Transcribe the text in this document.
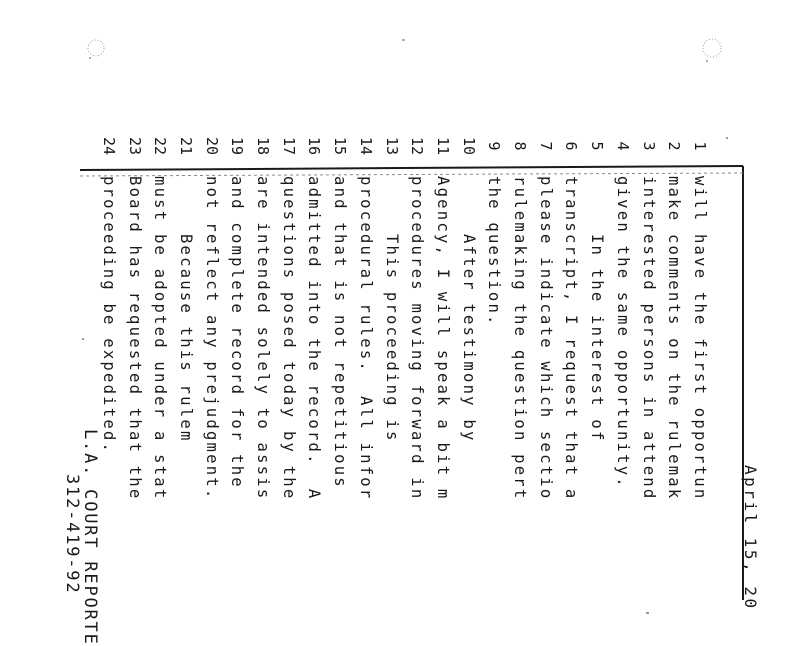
April 15, 20
1
2
3
4
5
6
7
8
9
10
11
12
13
14
15
16
17
18
19
20
21
22
23
24
will have the first opportun
make comments on the rulemak
interested persons in attend
given the same opportunity.
In the interest of
transcript, I request that a
please indicate which sectio
rulemaking the question pert
the question.
After testimony by
Agency, I will speak a bit m
procedures moving forward in
This proceeding is
procedural rules.  All infor
and that is not repetitious
admitted into the record.  A
questions posed today by the
are intended solely to assis
and complete record for the
not reflect any prejudgment.
Because this rulem
must be adopted under a stat
Board has requested that the
proceeding be expedited.
L.A. COURT REPORTE
312-419-92
